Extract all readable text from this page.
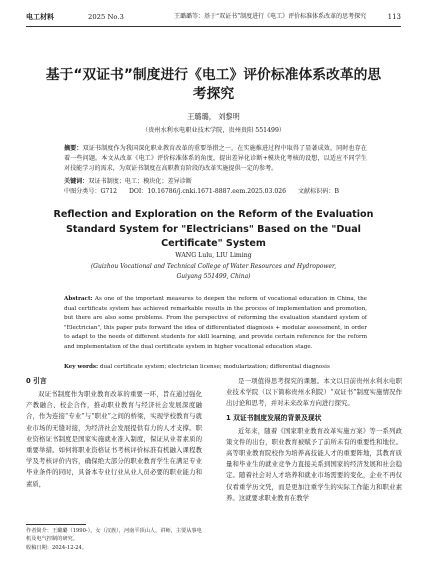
电工材料	2025 No.3	王璐璐等：基于“双证书”制度进行《电工》评价标准体系改革的思考探究	113
基于“双证书”制度进行《电工》评价标准体系改革的思考探究
王璐璐， 刘黎明
（贵州水利水电职业技术学院，贵州贵阳 551499）
摘要：双证书制度作为我国深化职业教育改革的重要举措之一，在实施推进过程中取得了显著成效，同时也存在着一些问题。本文从改革《电工》评价标准体系的角度，提出差异化诊断+模块化考核的设想，以适应不同学生对技能学习的需求，为双证书制度在高职教育阶段的改革实施提供一定的参考。
关键词：双证书制度；电工；模块化；差异诊断
中图分类号：G712 DOI：10.16786/j.cnki.1671-8887.eem.2025.03.026 文献标识码：B
Reflection and Exploration on the Reform of the Evaluation Standard System for "Electricians" Based on the "Dual Certificate" System
WANG Lulu, LIU Liming
(Guizhou Vocational and Technical College of Water Resources and Hydropower, Guiyang 551499, China)
Abstract: As one of the important measures to deepen the reform of vocational education in China, the dual certificate system has achieved remarkable results in the process of implementation and promotion, but there are also some problems. From the perspective of reforming the evaluation standard system of "Electrician", this paper puts forward the idea of differentiated diagnosis + modular assessment, in order to adapt to the needs of different students for skill learning, and provide certain reference for the reform and implementation of the dual certificate system in higher vocational education stage.
Key words: dual certificate system; electrician license; modularization; differential diagnosis
0 引言

双证书制度作为职业教育改革的重要一环，旨在通过强化产教融合、校企合作，推动职业教育与经济社会发展深度融合，作为连接“专业”与“职业”之间的桥梁，实现学校教育与就业市场的无缝对接，为经济社会发展提供有力的人才支撑。职业资格证书制度是国家实施就业准入制度，保证从业者素质的重要举措。如何将职业资格证书考核评价标准有机融入课程教学及考核评价内容，确保绝大部分的职业教育学生在满足专业毕业条件的同时，具备本专业行业从业人员必要的职业能力和素质，

是一项值得思考探究的课题。本文以目前贵州水利水电职业技术学院（以下简称贵州水利院）“双证书”制度实施情况作出讨论和思考，并对未来改革方向进行探究。

1 双证书制度发展的背景及现状

近年来，随着《国家职业教育改革实施方案》等一系列政策文件的出台，职业教育被赋予了前所未有的重要性和地位。高等职业教育院校作为培养高技能人才的重要阵地，其教育质量和毕业生的就业竞争力直接关系到国家的经济发展和社会稳定。随着社会对人才培养和就业市场需要的变化，企业不再仅仅看重学历文凭，而是更加注重学生的实际工作能力和职业素养。这就要求职业教育在教学

作者简介：王璐璐（1990-），女（汉族），河南平顶山人，讲师，主要从事电机及电气控制的研究。
收稿日期：2024-12-24。
